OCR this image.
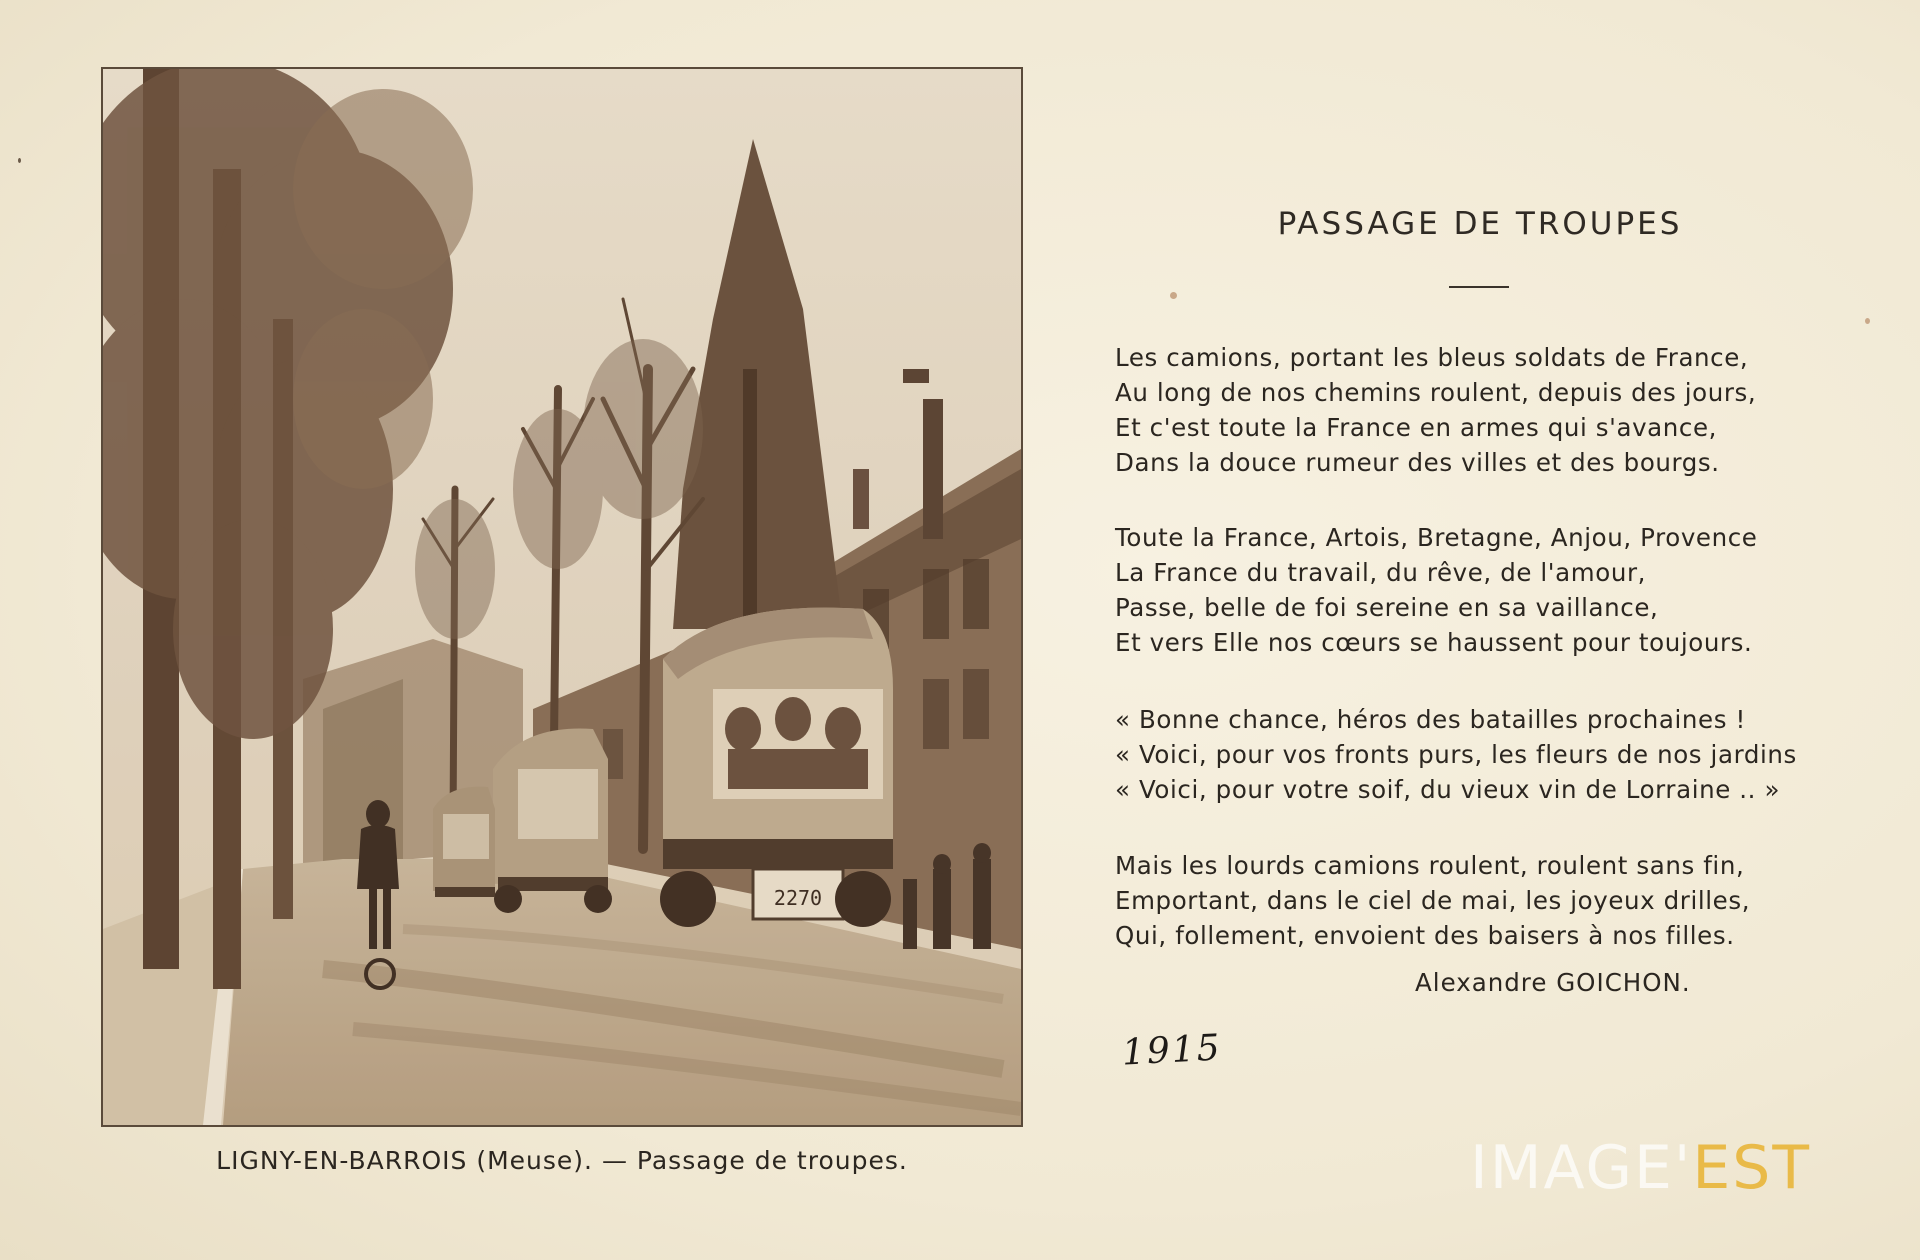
2270
LIGNY-EN-BARROIS (Meuse). — Passage de troupes.
PASSAGE DE TROUPES
Les camions, portant les bleus soldats de France,
Au long de nos chemins roulent, depuis des jours,
Et c'est toute la France en armes qui s'avance,
Dans la douce rumeur des villes et des bourgs.
Toute la France, Artois, Bretagne, Anjou, Provence
La France du travail, du rêve, de l'amour,
Passe, belle de foi sereine en sa vaillance,
Et vers Elle nos cœurs se haussent pour toujours.
« Bonne chance, héros des batailles prochaines !
« Voici, pour vos fronts purs, les fleurs de nos jardins
« Voici, pour votre soif, du vieux vin de Lorraine .. »
Mais les lourds camions roulent, roulent sans fin,
Emportant, dans le ciel de mai, les joyeux drilles,
Qui, follement, envoient des baisers à nos filles.
Alexandre GOICHON.
1915
IMAGE'EST
